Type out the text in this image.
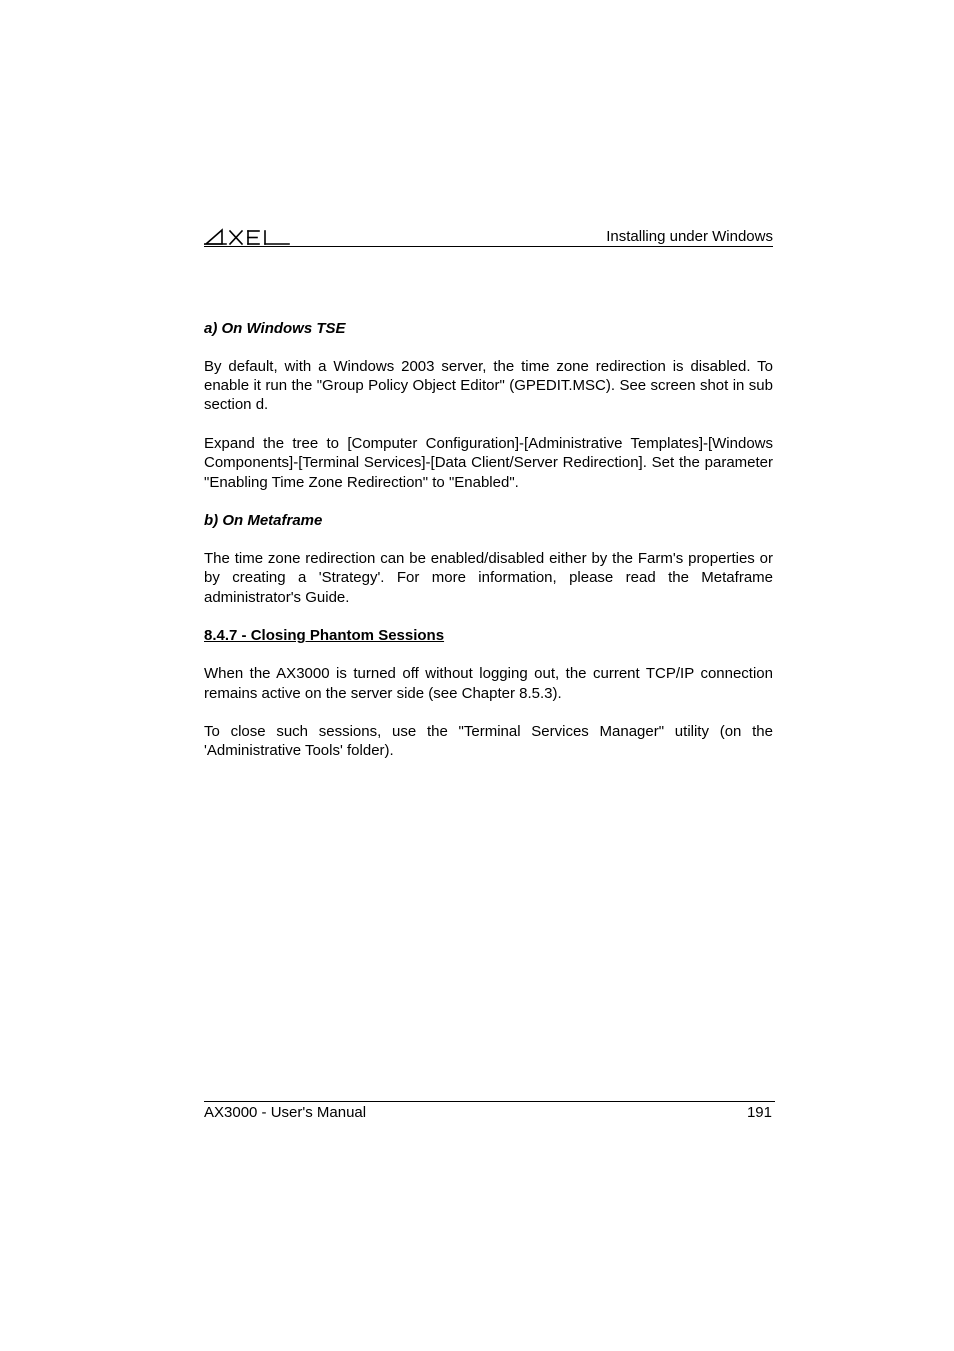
Installing under Windows
a) On Windows TSE

By default, with a Windows 2003 server, the time zone redirection is disabled. To enable it run the "Group Policy Object Editor" (GPEDIT.MSC). See screen shot in sub section d.

Expand the tree to [Computer Configuration]-[Administrative Templates]-[Windows Components]-[Terminal Services]-[Data Client/Server Redirection]. Set the parameter "Enabling Time Zone Redirection" to "Enabled".

b) On Metaframe

The time zone redirection can be enabled/disabled either by the Farm's properties or by creating a 'Strategy'. For more information, please read the Metaframe administrator's Guide.

8.4.7 - Closing Phantom Sessions

When the AX3000 is turned off without logging out, the current TCP/IP connection remains active on the server side (see Chapter 8.5.3).

To close such sessions, use the "Terminal Services Manager" utility (on the 'Administrative Tools' folder).

AX3000 - User's Manual	191
